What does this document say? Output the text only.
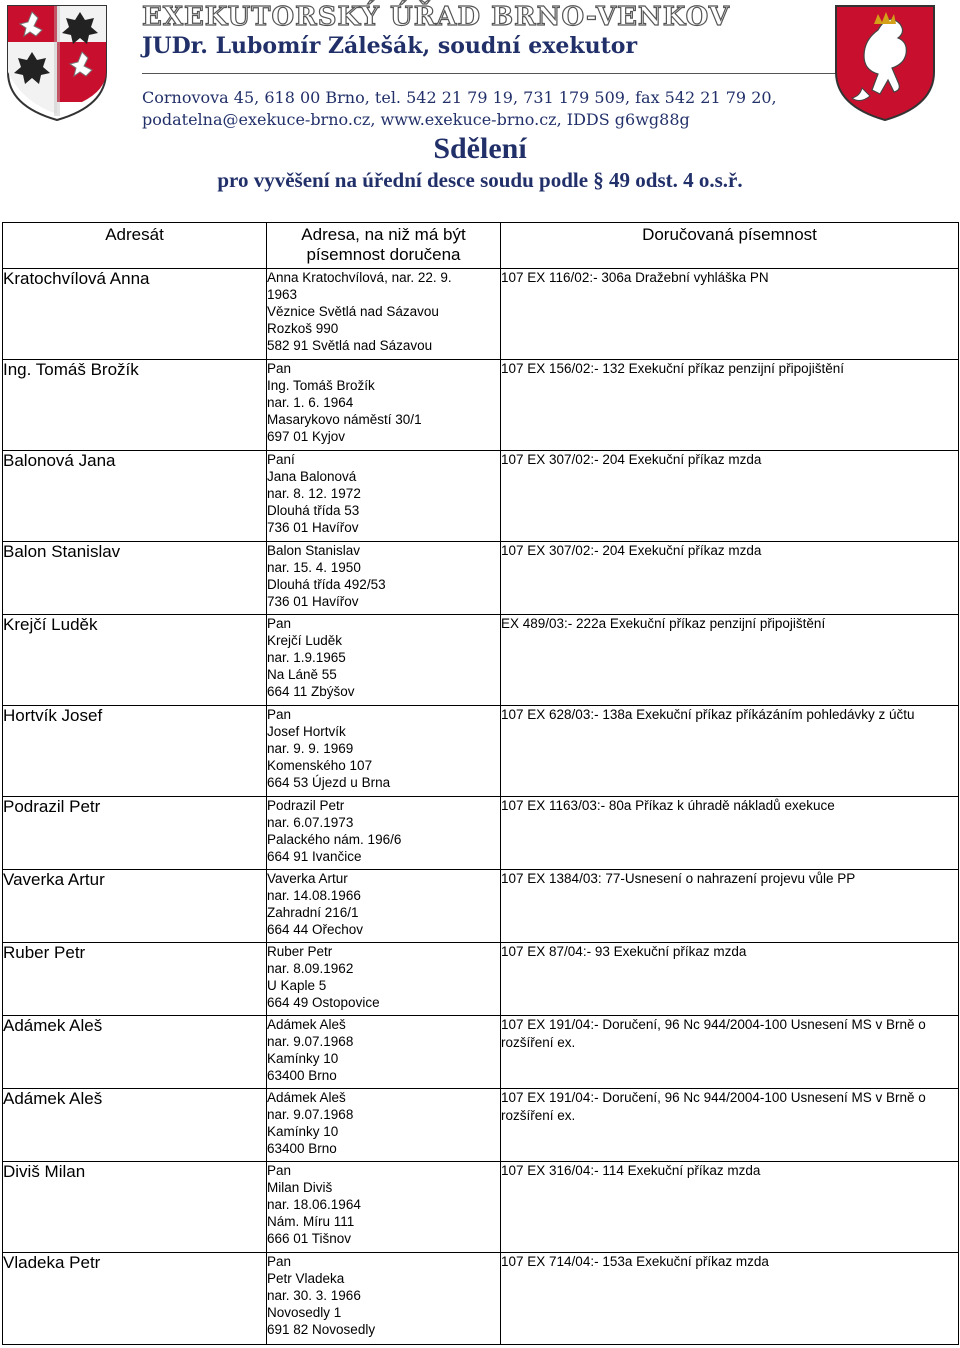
EXEKUTORSKÝ ÚŘAD BRNO-VENKOV
JUDr. Lubomír Zálešák, soudní exekutor
Cornovova 45, 618 00 Brno, tel. 542 21 79 19, 731 179 509, fax 542 21 79 20,
podatelna@exekuce-brno.cz, www.exekuce-brno.cz, IDDS g6wg88g
Sdělení
pro vyvěšení na úřední desce soudu podle § 49 odst. 4 o.s.ř.
Adresát	Adresa, na niž má být písemnost doručena	Doručovaná písemnost
Kratochvílová Anna	Anna Kratochvílová, nar. 22. 9.
1963
Věznice Světlá nad Sázavou
Rozkoš 990
582 91 Světlá nad Sázavou	107 EX 116/02:- 306a Dražební vyhláška PN
Ing. Tomáš Brožík	Pan
Ing. Tomáš Brožík
nar. 1. 6. 1964
Masarykovo náměstí 30/1
697 01 Kyjov	107 EX 156/02:- 132 Exekuční příkaz penzijní připojištění
Balonová Jana	Paní
Jana Balonová
nar. 8. 12. 1972
Dlouhá třída 53
736 01 Havířov	107 EX 307/02:- 204 Exekuční příkaz mzda
Balon Stanislav	Balon Stanislav
nar. 15. 4. 1950
Dlouhá třída 492/53
736 01 Havířov	107 EX 307/02:- 204 Exekuční příkaz mzda
Krejčí Luděk	Pan
Krejčí Luděk
nar. 1.9.1965
Na Láně 55
664 11 Zbýšov	EX 489/03:- 222a Exekuční příkaz penzijní připojištění
Hortvík Josef	Pan
Josef Hortvík
nar. 9. 9. 1969
Komenského 107
664 53 Újezd u Brna	107 EX 628/03:- 138a Exekuční příkaz příkázáním pohledávky z účtu
Podrazil Petr	Podrazil Petr
nar. 6.07.1973
Palackého nám. 196/6
664 91 Ivančice	107 EX 1163/03:- 80a Příkaz k úhradě nákladů exekuce
Vaverka Artur	Vaverka Artur
nar. 14.08.1966
Zahradní 216/1
664 44 Ořechov	107 EX 1384/03: 77-Usnesení o nahrazení projevu vůle PP
Ruber Petr	Ruber Petr
nar. 8.09.1962
U Kaple 5
664 49 Ostopovice	107 EX 87/04:- 93 Exekuční příkaz mzda
Adámek Aleš	Adámek Aleš
nar. 9.07.1968
Kamínky 10
63400 Brno	107 EX 191/04:- Doručení, 96 Nc 944/2004-100 Usnesení MS v Brně o rozšíření ex.
Adámek Aleš	Adámek Aleš
nar. 9.07.1968
Kamínky 10
63400 Brno	107 EX 191/04:- Doručení, 96 Nc 944/2004-100 Usnesení MS v Brně o rozšíření ex.
Diviš Milan	Pan
Milan Diviš
nar. 18.06.1964
Nám. Míru 111
666 01 Tišnov	107 EX 316/04:- 114 Exekuční příkaz mzda
Vladeka Petr	Pan
Petr Vladeka
nar. 30. 3. 1966
Novosedly 1
691 82 Novosedly	107 EX 714/04:- 153a Exekuční příkaz mzda
